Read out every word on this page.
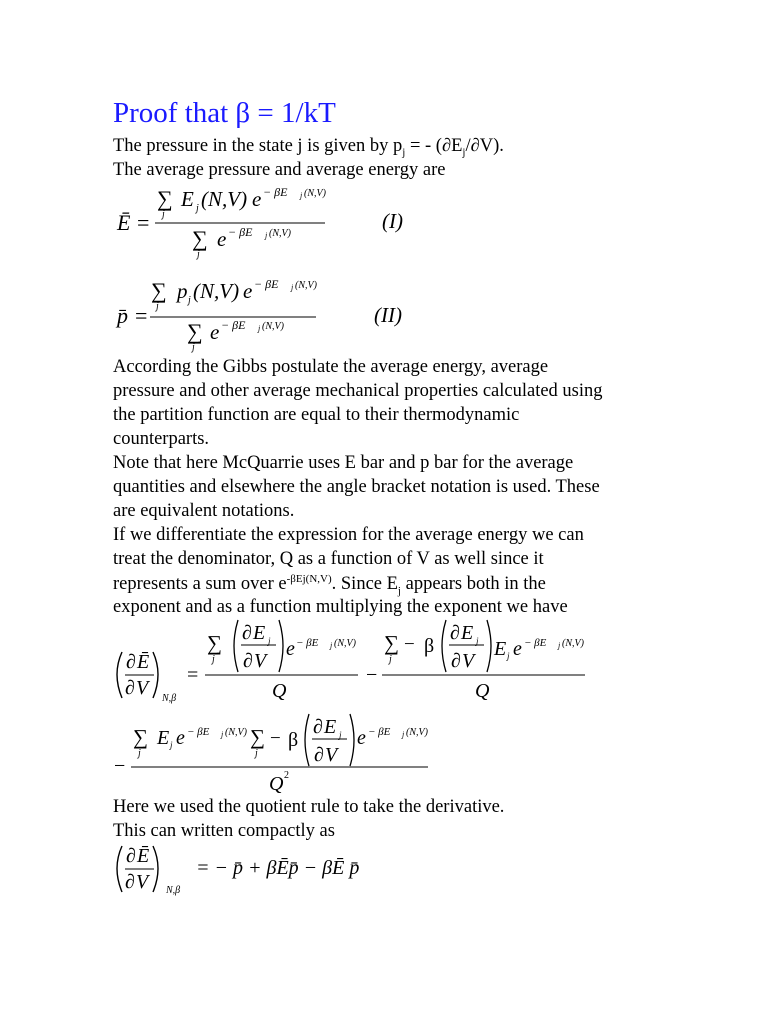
Proof that β = 1/kT
The pressure in the state j is given by $p_j$ = - $(\partial E_j/\partial V)$.
The average pressure and average energy are
Ē =
∑
j
E j (N,V) e − βE j (N,V)
∑
j
e − βE j (N,V)
(I)
p̄ =
∑
j
p j (N,V) e − βE j (N,V)
∑
j
e − βE j (N,V)	(II)
∂ Ē
∂ V N,β
=
∑
j
∂ E j
∂ V
e − βE j (N,V)
Q
−
∑
j
− β
∂ E j
∂ V
E j e − βE j (N,V)
Q
−
∑
j
E j e − βE j (N,V) ∑
j
− β
∂ E j
∂ V
e − βE j (N,V)
Q 2
∂ Ē
∂ V N,β
= − p̄ + βĒp̄ − βĒ p̄
According the Gibbs postulate the average energy, average
pressure and other average mechanical properties calculated using
the partition function are equal to their thermodynamic
counterparts.
Note that here McQuarrie uses E bar and p bar for the average
quantities and elsewhere the angle bracket notation is used. These
are equivalent notations.
If we differentiate the expression for the average energy we can
treat the denominator, Q as a function of V as well since it
represents a sum over $e^{-\beta Ej(N,V)}$. Since $E_j$ appears both in the
exponent and as a function multiplying the exponent we have
Here we used the quotient rule to take the derivative.
This can written compactly as
